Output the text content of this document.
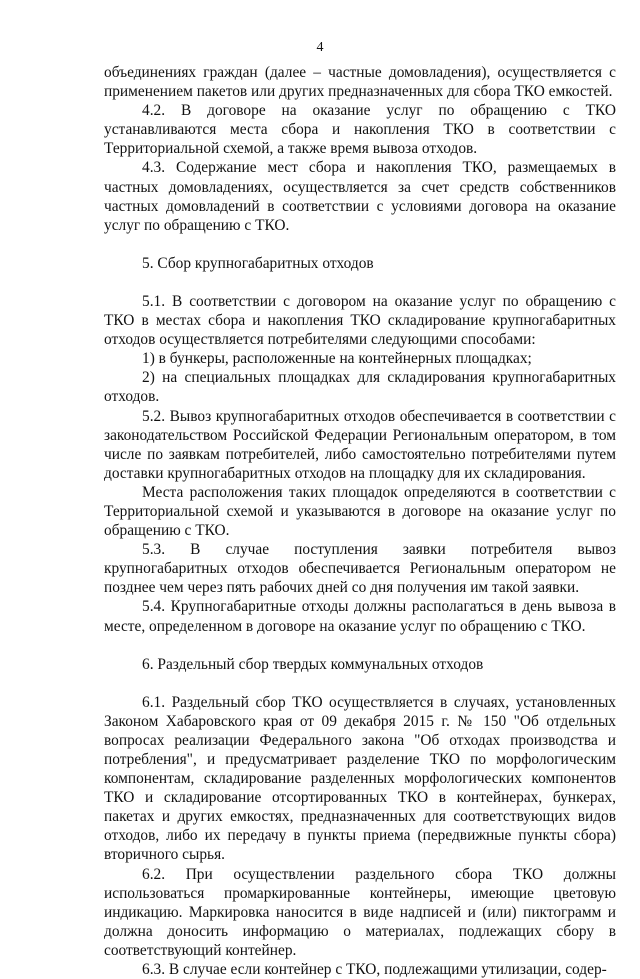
4

объединениях граждан (далее – частные домовладения), осуществляется с применением пакетов или других предназначенных для сбора ТКО емкостей.

4.2. В договоре на оказание услуг по обращению с ТКО устанавливаются места сбора и накопления ТКО в соответствии с Территориальной схемой, а также время вывоза отходов.

4.3. Содержание мест сбора и накопления ТКО, размещаемых в частных домовладениях, осуществляется за счет средств собственников частных домовладений в соответствии с условиями договора на оказание услуг по обращению с ТКО.

5. Сбор крупногабаритных отходов

5.1. В соответствии с договором на оказание услуг по обращению с ТКО в местах сбора и накопления ТКО складирование крупногабаритных отходов осуществляется потребителями следующими способами:

1) в бункеры, расположенные на контейнерных площадках;

2) на специальных площадках для складирования крупногабаритных отходов.

5.2. Вывоз крупногабаритных отходов обеспечивается в соответствии с законодательством Российской Федерации Региональным оператором, в том числе по заявкам потребителей, либо самостоятельно потребителями путем доставки крупногабаритных отходов на площадку для их складирования.

Места расположения таких площадок определяются в соответствии с Территориальной схемой и указываются в договоре на оказание услуг по обращению с ТКО.

5.3. В случае поступления заявки потребителя вывоз крупногабаритных отходов обеспечивается Региональным оператором не позднее чем через пять рабочих дней со дня получения им такой заявки.

5.4. Крупногабаритные отходы должны располагаться в день вывоза в месте, определенном в договоре на оказание услуг по обращению с ТКО.

6. Раздельный сбор твердых коммунальных отходов

6.1. Раздельный сбор ТКО осуществляется в случаях, установленных Законом Хабаровского края от 09 декабря 2015 г. № 150 "Об отдельных вопросах реализации Федерального закона "Об отходах производства и потребления", и предусматривает разделение ТКО по морфологическим компонентам, складирование разделенных морфологических компонентов ТКО и складирование отсортированных ТКО в контейнерах, бункерах, пакетах и других емкостях, предназначенных для соответствующих видов отходов, либо их передачу в пункты приема (передвижные пункты сбора) вторичного сырья.

6.2. При осуществлении раздельного сбора ТКО должны использоваться промаркированные контейнеры, имеющие цветовую индикацию. Маркировка наносится в виде надписей и (или) пиктограмм и должна доносить информацию о материалах, подлежащих сбору в соответствующий контейнер.

6.3. В случае если контейнер с ТКО, подлежащими утилизации, содер-
